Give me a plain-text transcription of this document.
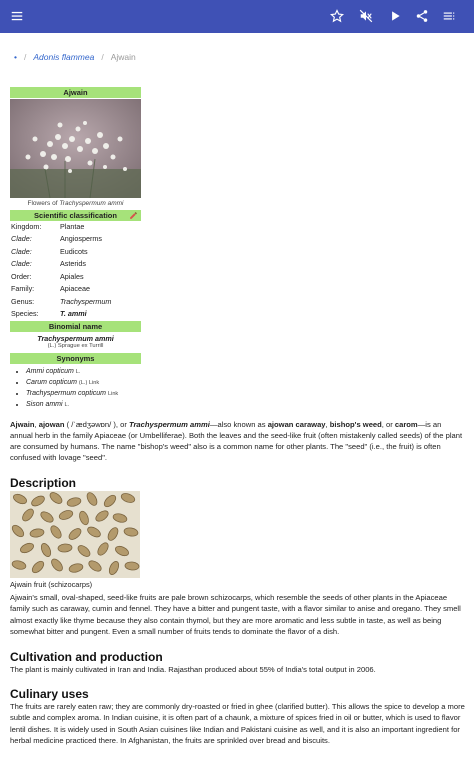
• / Adonis flammea / Ajwain
Ajwain
Flowers of Trachyspermum ammi
Scientific classification
Kingdom:	Plantae
Clade:	Angiosperms
Clade:	Eudicots
Clade:	Asterids
Order:	Apiales
Family:	Apiaceae
Genus:	Trachyspermum
Species:	T. ammi
Binomial name
Trachyspermum ammi
(L.) Sprague ex Turrill
Synonyms
• Ammi copticum L.
• Carum copticum (L.) Link
• Trachyspermum copticum Link
• Sison ammi L.
Ajwain, ajowan ( /ˈædʒəwɒn/ ), or Trachyspermum ammi—also known as ajowan caraway, bishop's weed, or carom—is an annual herb in the family Apiaceae (or Umbelliferae). Both the leaves and the seed-like fruit (often mistakenly called seeds) of the plant are consumed by humans. The name "bishop's weed" also is a common name for other plants. The "seed" (i.e., the fruit) is often confused with lovage "seed".
Description
Ajwain fruit (schizocarps)
Ajwain's small, oval-shaped, seed-like fruits are pale brown schizocarps, which resemble the seeds of other plants in the Apiaceae family such as caraway, cumin and fennel. They have a bitter and pungent taste, with a flavor similar to anise and oregano. They smell almost exactly like thyme because they also contain thymol, but they are more aromatic and less subtle in taste, as well as being somewhat bitter and pungent. Even a small number of fruits tends to dominate the flavor of a dish.
Cultivation and production
The plant is mainly cultivated in Iran and India. Rajasthan produced about 55% of India's total output in 2006.
Culinary uses
The fruits are rarely eaten raw; they are commonly dry-roasted or fried in ghee (clarified butter). This allows the spice to develop a more subtle and complex aroma. In Indian cuisine, it is often part of a chaunk, a mixture of spices fried in oil or butter, which is used to flavor lentil dishes. It is widely used in South Asian cuisines like Indian and Pakistani cuisine as well, and it is also an important ingredient for herbal medicine practiced there. In Afghanistan, the fruits are sprinkled over bread and biscuits.
